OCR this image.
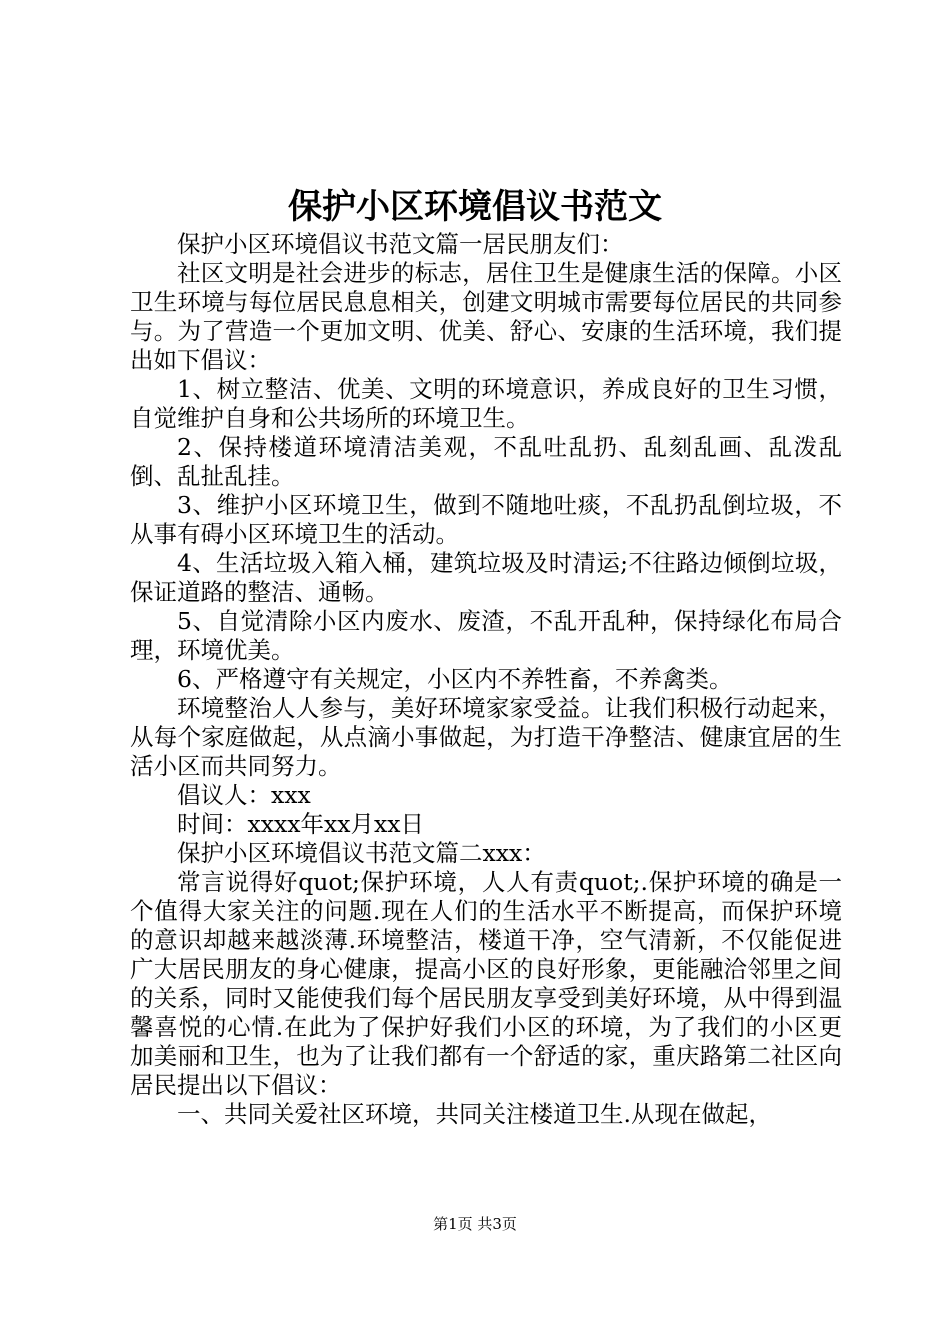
保护小区环境倡议书范文

保护小区环境倡议书范文篇一居民朋友们：

社区文明是社会进步的标志，居住卫生是健康生活的保障。小区卫生环境与每位居民息息相关，创建文明城市需要每位居民的共同参与。为了营造一个更加文明、优美、舒心、安康的生活环境，我们提出如下倡议：

1、树立整洁、优美、文明的环境意识，养成良好的卫生习惯，自觉维护自身和公共场所的环境卫生。

2、保持楼道环境清洁美观，不乱吐乱扔、乱刻乱画、乱泼乱倒、乱扯乱挂。

3、维护小区环境卫生，做到不随地吐痰，不乱扔乱倒垃圾，不从事有碍小区环境卫生的活动。

4、生活垃圾入箱入桶，建筑垃圾及时清运;不往路边倾倒垃圾，保证道路的整洁、通畅。

5、自觉清除小区内废水、废渣，不乱开乱种，保持绿化布局合理，环境优美。

6、严格遵守有关规定，小区内不养牲畜，不养禽类。

环境整治人人参与，美好环境家家受益。让我们积极行动起来，从每个家庭做起，从点滴小事做起，为打造干净整洁、健康宜居的生活小区而共同努力。

倡议人：xxx

时间：xxxx年xx月xx日

保护小区环境倡议书范文篇二xxx：

常言说得好quot;保护环境，人人有责quot;.保护环境的确是一个值得大家关注的问题.现在人们的生活水平不断提高，而保护环境的意识却越来越淡薄.环境整洁，楼道干净，空气清新，不仅能促进广大居民朋友的身心健康，提高小区的良好形象，更能融洽邻里之间的关系，同时又能使我们每个居民朋友享受到美好环境，从中得到温馨喜悦的心情.在此为了保护好我们小区的环境，为了我们的小区更加美丽和卫生，也为了让我们都有一个舒适的家，重庆路第二社区向居民提出以下倡议：

一、共同关爱社区环境，共同关注楼道卫生.从现在做起，

第1页 共3页
